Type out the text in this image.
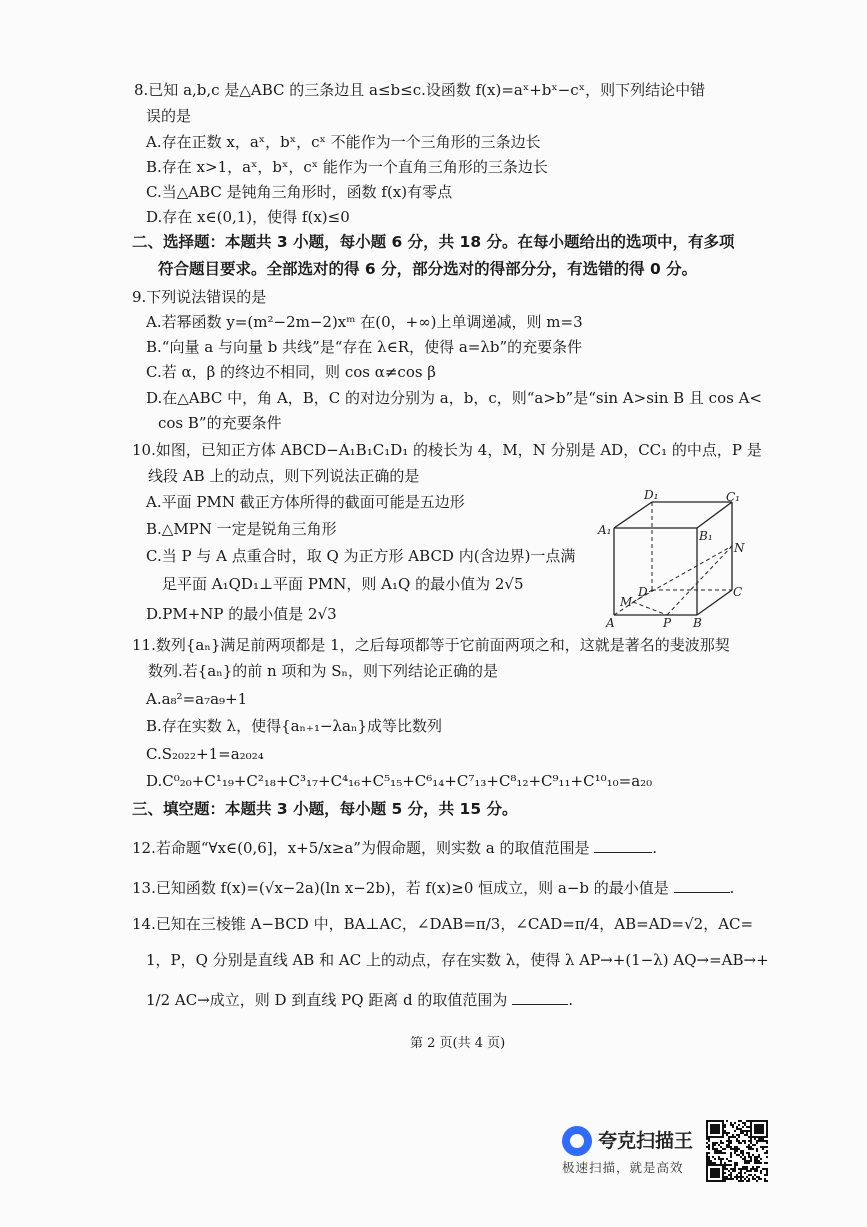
8.已知 a,b,c 是△ABC 的三条边且 a≤b≤c.设函数 f(x)=aˣ+bˣ−cˣ，则下列结论中错
误的是
A.存在正数 x，aˣ，bˣ，cˣ 不能作为一个三角形的三条边长
B.存在 x>1，aˣ，bˣ，cˣ 能作为一个直角三角形的三条边长
C.当△ABC 是钝角三角形时，函数 f(x)有零点
D.存在 x∈(0,1)，使得 f(x)≤0
二、选择题：本题共 3 小题，每小题 6 分，共 18 分。在每小题给出的选项中，有多项
符合题目要求。全部选对的得 6 分，部分选对的得部分分，有选错的得 0 分。
9.下列说法错误的是
A.若幂函数 y=(m²−2m−2)xᵐ 在(0，+∞)上单调递减，则 m=3
B.“向量 a 与向量 b 共线”是“存在 λ∈R，使得 a=λb”的充要条件
C.若 α，β 的终边不相同，则 cos α≠cos β
D.在△ABC 中，角 A，B，C 的对边分别为 a，b，c，则“a>b”是“sin A>sin B 且 cos A<
cos B”的充要条件
10.如图，已知正方体 ABCD−A₁B₁C₁D₁ 的棱长为 4，M，N 分别是 AD，CC₁ 的中点，P 是
线段 AB 上的动点，则下列说法正确的是
A.平面 PMN 截正方体所得的截面可能是五边形
B.△MPN 一定是锐角三角形
C.当 P 与 A 点重合时，取 Q 为正方形 ABCD 内(含边界)一点满
足平面 A₁QD₁⊥平面 PMN，则 A₁Q 的最小值为 2√5
D.PM+NP 的最小值是 2√3
D₁	C₁
A₁	B₁
N
D	C
M
A	P B
11.数列{aₙ}满足前两项都是 1，之后每项都等于它前面两项之和，这就是著名的斐波那契
数列.若{aₙ}的前 n 项和为 Sₙ，则下列结论正确的是
A.a₈²=a₇a₉+1
B.存在实数 λ，使得{aₙ₊₁−λaₙ}成等比数列
C.S₂₀₂₂+1=a₂₀₂₄
D.C⁰₂₀+C¹₁₉+C²₁₈+C³₁₇+C⁴₁₆+C⁵₁₅+C⁶₁₄+C⁷₁₃+C⁸₁₂+C⁹₁₁+C¹⁰₁₀=a₂₀
三、填空题：本题共 3 小题，每小题 5 分，共 15 分。
12.若命题“∀x∈(0,6]，x+5/x≥a”为假命题，则实数 a 的取值范围是	.
13.已知函数 f(x)=(√x−2a)(ln x−2b)，若 f(x)≥0 恒成立，则 a−b 的最小值是	.
14.已知在三棱锥 A−BCD 中，BA⊥AC，∠DAB=π/3，∠CAD=π/4，AB=AD=√2，AC=
1，P，Q 分别是直线 AB 和 AC 上的动点，存在实数 λ，使得 λ AP→+(1−λ) AQ→=AB→+
1/2 AC→成立，则 D 到直线 PQ 距离 d 的取值范围为	.
第 2 页(共 4 页)
夸克扫描王
极速扫描，就是高效
